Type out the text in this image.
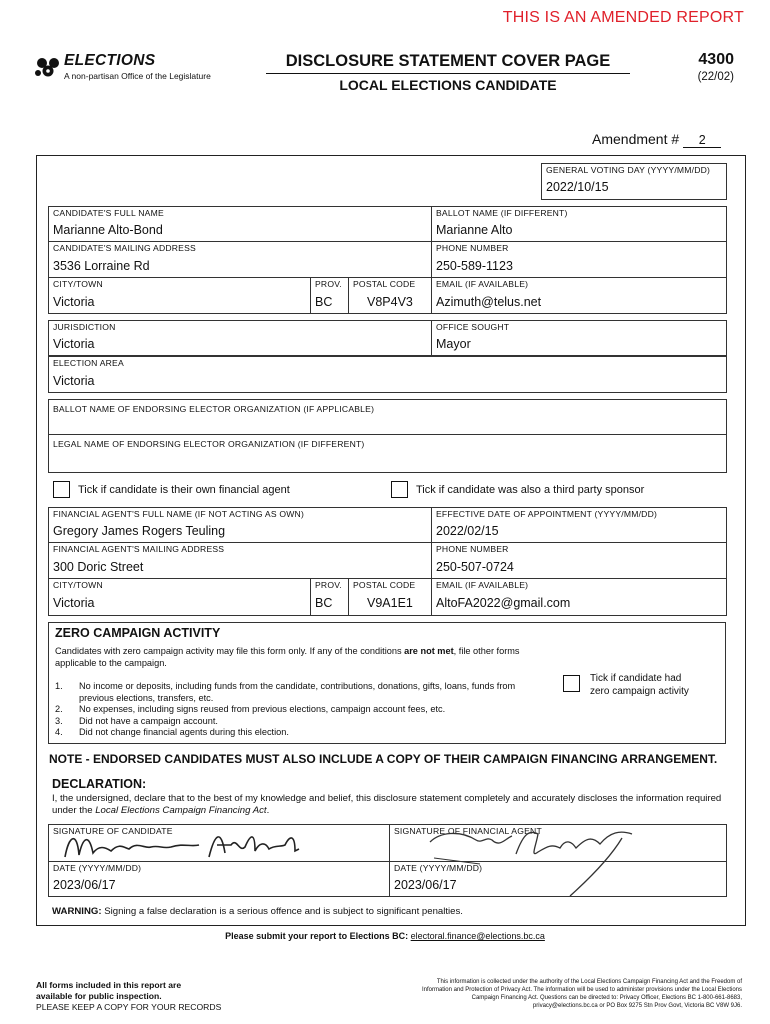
THIS IS AN AMENDED REPORT
ELECTIONS
A non-partisan Office of the Legislature
DISCLOSURE STATEMENT COVER PAGE
LOCAL ELECTIONS CANDIDATE
4300
(22/02)
Amendment # 2
GENERAL VOTING DAY (YYYY/MM/DD)
2022/10/15
CANDIDATE'S FULL NAME
Marianne Alto-Bond
BALLOT NAME (IF DIFFERENT)
Marianne Alto
CANDIDATE'S MAILING ADDRESS
3536 Lorraine Rd
PHONE NUMBER
250-589-1123
CITY/TOWN
Victoria
PROV.
BC
POSTAL CODE
V8P4V3
EMAIL (IF AVAILABLE)
Azimuth@telus.net
JURISDICTION
Victoria
OFFICE SOUGHT
Mayor
ELECTION AREA
Victoria
BALLOT NAME OF ENDORSING ELECTOR ORGANIZATION (IF APPLICABLE)
LEGAL NAME OF ENDORSING ELECTOR ORGANIZATION (IF DIFFERENT)
Tick if candidate is their own financial agent	Tick if candidate was also a third party sponsor
FINANCIAL AGENT'S FULL NAME (IF NOT ACTING AS OWN)
Gregory James Rogers Teuling
EFFECTIVE DATE OF APPOINTMENT (YYYY/MM/DD)
2022/02/15
FINANCIAL AGENT'S MAILING ADDRESS
300 Doric Street
PHONE NUMBER
250-507-0724
CITY/TOWN
Victoria
PROV.
BC
POSTAL CODE
V9A1E1
EMAIL (IF AVAILABLE)
AltoFA2022@gmail.com
ZERO CAMPAIGN ACTIVITY
Candidates with zero campaign activity may file this form only. If any of the conditions are not met, file other forms applicable to the campaign.
1. No income or deposits, including funds from the candidate, contributions, donations, gifts, loans, funds from previous elections, transfers, etc.
2. No expenses, including signs reused from previous elections, campaign account fees, etc.
3. Did not have a campaign account.
4. Did not change financial agents during this election.
Tick if candidate had
zero campaign activity
NOTE - ENDORSED CANDIDATES MUST ALSO INCLUDE A COPY OF THEIR CAMPAIGN FINANCING ARRANGEMENT.
DECLARATION:
I, the undersigned, declare that to the best of my knowledge and belief, this disclosure statement completely and accurately discloses the information required under the Local Elections Campaign Financing Act.
SIGNATURE OF CANDIDATE	SIGNATURE OF FINANCIAL AGENT
DATE (YYYY/MM/DD)
2023/06/17
DATE (YYYY/MM/DD)
2023/06/17
WARNING: Signing a false declaration is a serious offence and is subject to significant penalties.
Please submit your report to Elections BC: electoral.finance@elections.bc.ca
All forms included in this report are
available for public inspection.
PLEASE KEEP A COPY FOR YOUR RECORDS
This information is collected under the authority of the Local Elections Campaign Financing Act and the Freedom of Information and Protection of Privacy Act. The information will be used to administer provisions under the Local Elections Campaign Financing Act. Questions can be directed to: Privacy Officer, Elections BC 1-800-661-8683, privacy@elections.bc.ca or PO Box 9275 Stn Prov Govt, Victoria BC V8W 9J6.
